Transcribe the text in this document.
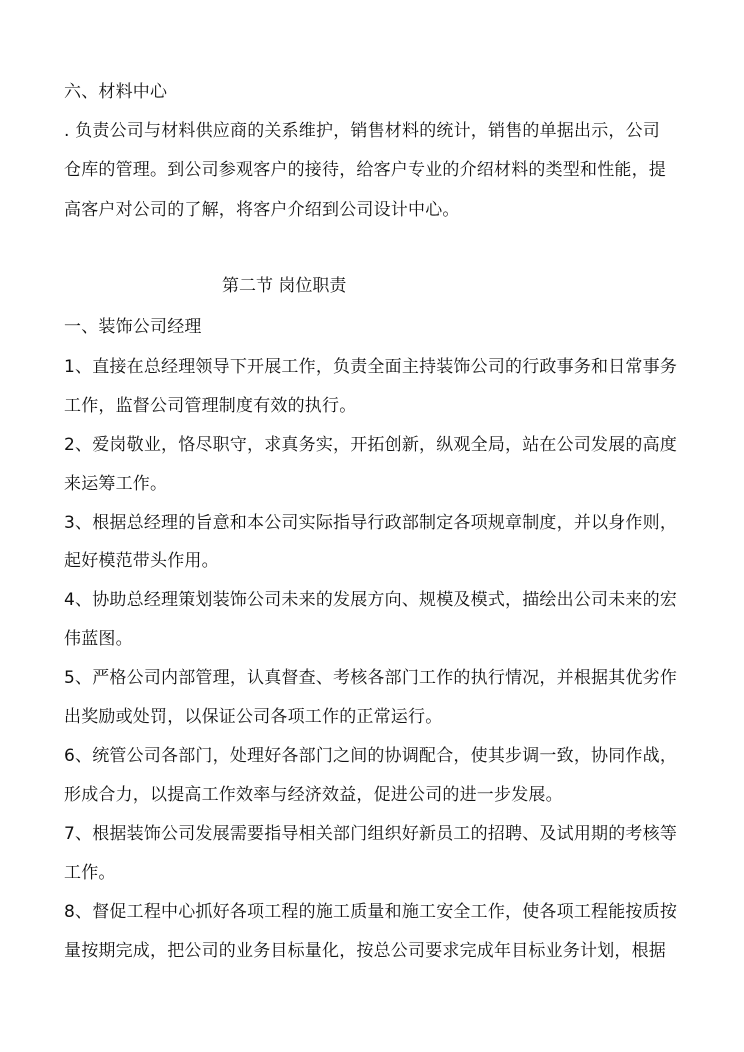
六、材料中心
. 负责公司与材料供应商的关系维护，销售材料的统计，销售的单据出示，公司
仓库的管理。到公司参观客户的接待，给客户专业的介绍材料的类型和性能，提
高客户对公司的了解，将客户介绍到公司设计中心。
第二节 岗位职责
一、装饰公司经理
1、直接在总经理领导下开展工作，负责全面主持装饰公司的行政事务和日常事务
工作，监督公司管理制度有效的执行。
2、爱岗敬业，恪尽职守，求真务实，开拓创新，纵观全局，站在公司发展的高度
来运筹工作。
3、根据总经理的旨意和本公司实际指导行政部制定各项规章制度，并以身作则，
起好模范带头作用。
4、协助总经理策划装饰公司未来的发展方向、规模及模式，描绘出公司未来的宏
伟蓝图。
5、严格公司内部管理，认真督查、考核各部门工作的执行情况，并根据其优劣作
出奖励或处罚，以保证公司各项工作的正常运行。
6、统管公司各部门，处理好各部门之间的协调配合，使其步调一致，协同作战，
形成合力，以提高工作效率与经济效益，促进公司的进一步发展。
7、根据装饰公司发展需要指导相关部门组织好新员工的招聘、及试用期的考核等
工作。
8、督促工程中心抓好各项工程的施工质量和施工安全工作，使各项工程能按质按
量按期完成，把公司的业务目标量化，按总公司要求完成年目标业务计划，根据
